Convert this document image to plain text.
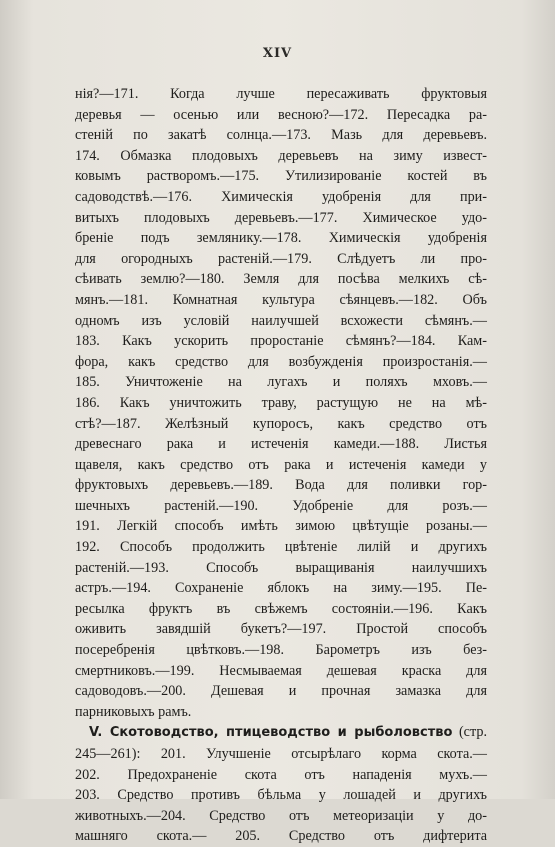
XIV
нія?—171. Когда лучше пересаживать фруктовыя
деревья — осенью или весною?—172. Пересадка ра-
стеній по закатѣ солнца.—173. Мазь для деревьевъ.
174. Обмазка плодовыхъ деревьевъ на зиму извест-
ковымъ растворомъ.—175. Утилизированіе костей въ
садоводствѣ.—176. Химическія удобренія для при-
витыхъ плодовыхъ деревьевъ.—177. Химическое удо-
бреніе подъ землянику.—178. Химическія удобренія
для огородныхъ растеній.—179. Слѣдуетъ ли про-
сѣивать землю?—180. Земля для посѣва мелкихъ сѣ-
мянъ.—181. Комнатная культура сѣянцевъ.—182. Объ
одномъ изъ условій наилучшей всхожести сѣмянъ.—
183. Какъ ускорить проростаніе сѣмянъ?—184. Кам-
фора, какъ средство для возбужденія произростанія.—
185. Уничтоженіе на лугахъ и поляхъ мховъ.—
186. Какъ уничтожить траву, растущую не на мѣ-
стѣ?—187. Желѣзный купоросъ, какъ средство отъ
древеснаго рака и истеченія камеди.—188. Листья
щавеля, какъ средство отъ рака и истеченія камеди у
фруктовыхъ деревьевъ.—189. Вода для поливки гор-
шечныхъ растеній.—190. Удобреніе для розъ.—
191. Легкій способъ имѣть зимою цвѣтущіе розаны.—
192. Способъ продолжить цвѣтеніе лилій и другихъ
растеній.—193. Способъ выращиванія наилучшихъ
астръ.—194. Сохраненіе яблокъ на зиму.—195. Пе-
ресылка фруктъ въ свѣжемъ состояніи.—196. Какъ
оживить завядшій букетъ?—197. Простой способъ
посеребренія цвѣтковъ.—198. Барометръ изъ без-
смертниковъ.—199. Несмываемая дешевая краска для
садоводовъ.—200. Дешевая и прочная замазка для
парниковыхъ рамъ.
V. Скотоводство, птицеводство и рыболовство (стр.
245—261): 201. Улучшеніе отсырѣлаго корма скота.—
202. Предохраненіе скота отъ нападенія мухъ.—
203. Средство противъ бѣльма у лошадей и другихъ
животныхъ.—204. Средство отъ метеоризаціи у до-
машняго скота.— 205. Средство отъ дифтерита
